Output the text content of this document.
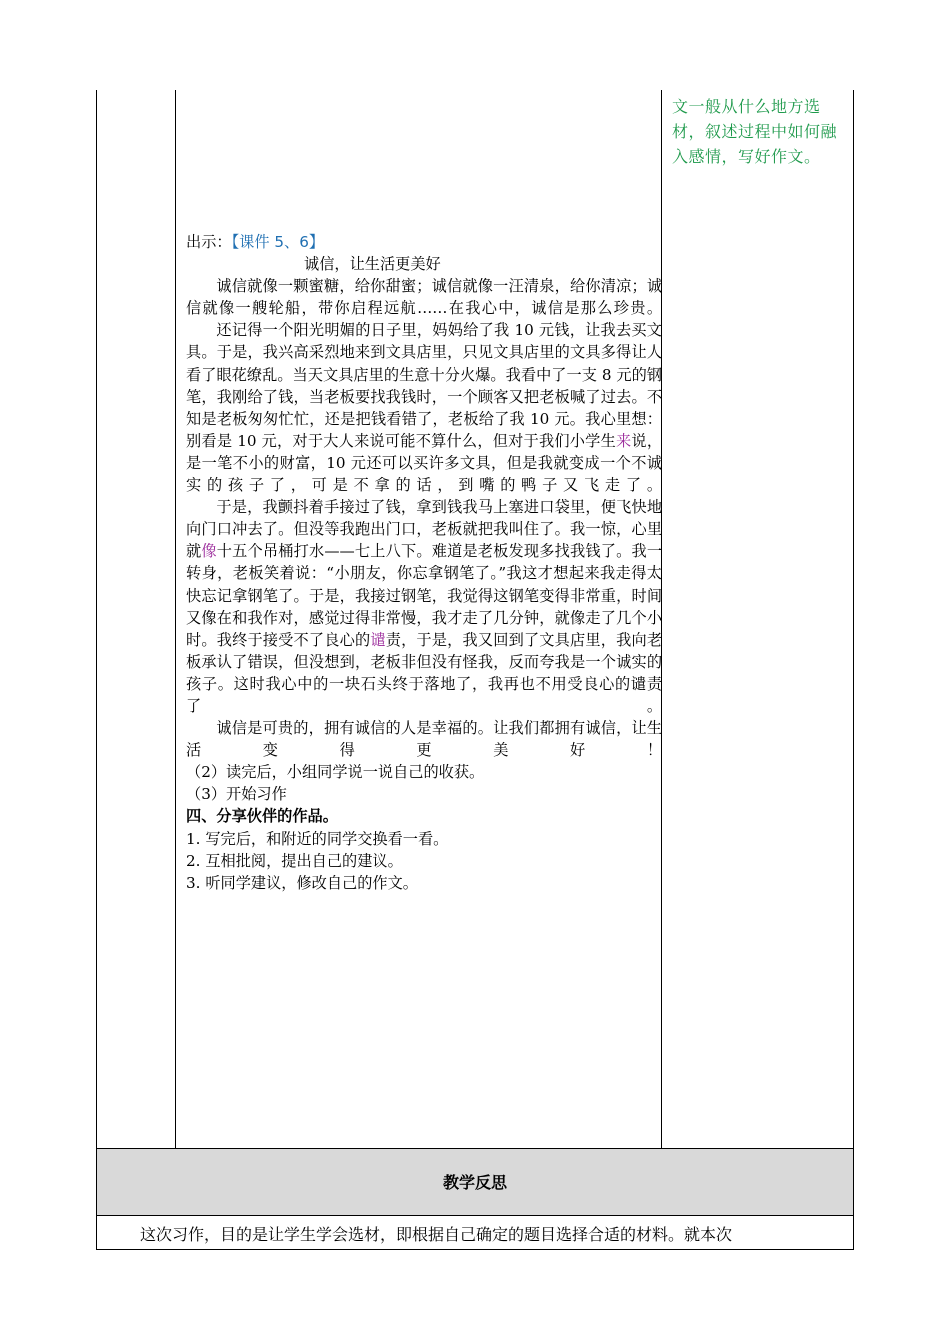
文一般从什么地方选材，叙述过程中如何融入感情，写好作文。

出示：【课件 5、6】

诚信，让生活更美好

诚信就像一颗蜜糖，给你甜蜜；诚信就像一汪清泉，给你清凉；诚信就像一艘轮船，带你启程远航……在我心中，诚信是那么珍贵。

还记得一个阳光明媚的日子里，妈妈给了我 10 元钱，让我去买文具。于是，我兴高采烈地来到文具店里，只见文具店里的文具多得让人看了眼花缭乱。当天文具店里的生意十分火爆。我看中了一支 8 元的钢笔，我刚给了钱，当老板要找我钱时，一个顾客又把老板喊了过去。不知是老板匆匆忙忙，还是把钱看错了，老板给了我 10 元。我心里想：别看是 10 元，对于大人来说可能不算什么，但对于我们小学生来说，是一笔不小的财富，10 元还可以买许多文具，但是我就变成一个不诚实的孩子了，可是不拿的话，到嘴的鸭子又飞走了。

于是，我颤抖着手接过了钱，拿到钱我马上塞进口袋里，便飞快地向门口冲去了。但没等我跑出门口，老板就把我叫住了。我一惊，心里就像十五个吊桶打水——七上八下。难道是老板发现多找我钱了。我一转身，老板笑着说：“小朋友，你忘拿钢笔了。”我这才想起来我走得太快忘记拿钢笔了。于是，我接过钢笔，我觉得这钢笔变得非常重，时间又像在和我作对，感觉过得非常慢，我才走了几分钟，就像走了几个小时。我终于接受不了良心的谴责，于是，我又回到了文具店里，我向老板承认了错误，但没想到，老板非但没有怪我，反而夸我是一个诚实的孩子。这时我心中的一块石头终于落地了，我再也不用受良心的谴责了。

诚信是可贵的，拥有诚信的人是幸福的。让我们都拥有诚信，让生活变得更美好！

（2）读完后，小组同学说一说自己的收获。

（3）开始习作

四、分享伙伴的作品。

1. 写完后，和附近的同学交换看一看。

2. 互相批阅，提出自己的建议。

3. 听同学建议，修改自己的作文。

教学反思
这次习作，目的是让学生学会选材，即根据自己确定的题目选择合适的材料。就本次
